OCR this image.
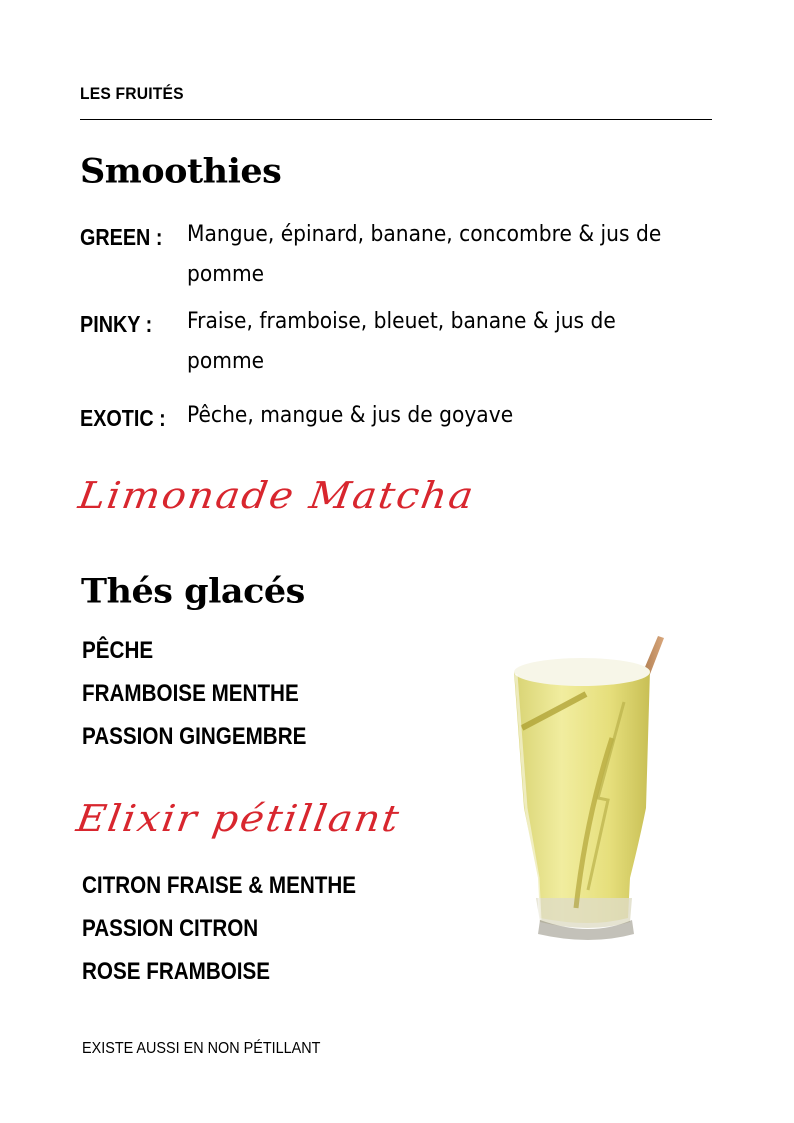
LES FRUITÉS
Smoothies
GREEN :	Mangue, épinard, banane, concombre & jus de pomme
PINKY :	Fraise, framboise, bleuet, banane & jus de pomme
EXOTIC : Pêche, mangue & jus de goyave
Limonade Matcha
Thés glacés
PÊCHE
FRAMBOISE MENTHE
PASSION GINGEMBRE
Elixir pétillant
CITRON FRAISE & MENTHE
PASSION CITRON
ROSE FRAMBOISE
EXISTE AUSSI EN NON PÉTILLANT
